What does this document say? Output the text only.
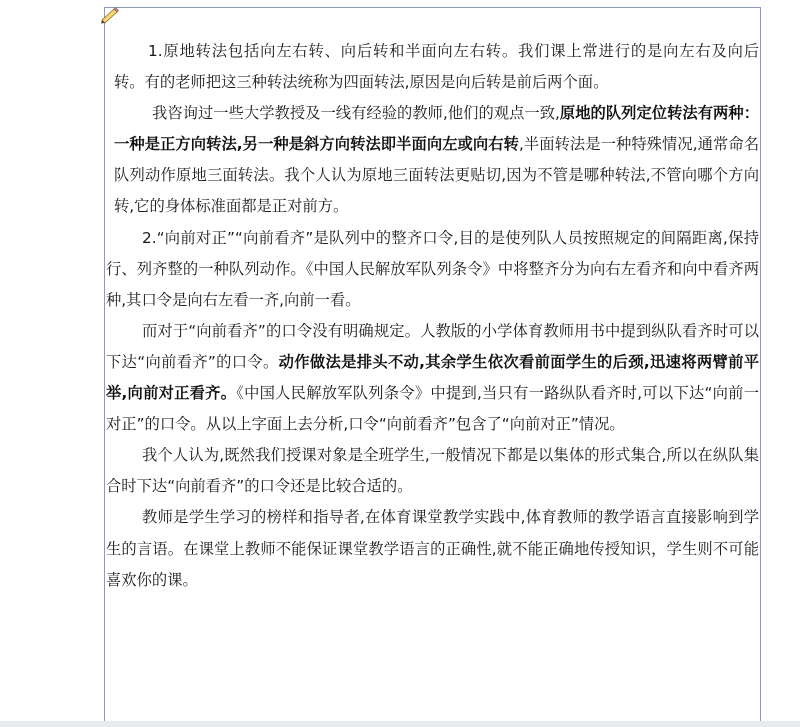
1.原地转法包括向左右转、向后转和半面向左右转。我们课上常进行的是向左右及向后转。有的老师把这三种转法统称为四面转法,原因是向后转是前后两个面。

我咨询过一些大学教授及一线有经验的教师,他们的观点一致,原地的队列定位转法有两种：一种是正方向转法,另一种是斜方向转法即半面向左或向右转,半面转法是一种特殊情况,通常命名队列动作原地三面转法。我个人认为原地三面转法更贴切,因为不管是哪种转法,不管向哪个方向转,它的身体标准面都是正对前方。

2.“向前对正”“向前看齐”是队列中的整齐口令,目的是使列队人员按照规定的间隔距离,保持行、列齐整的一种队列动作。《中国人民解放军队列条令》中将整齐分为向右左看齐和向中看齐两种,其口令是向右左看一齐,向前一看。

而对于“向前看齐”的口令没有明确规定。人教版的小学体育教师用书中提到纵队看齐时可以下达“向前看齐”的口令。动作做法是排头不动,其余学生依次看前面学生的后颈,迅速将两臂前平举,向前对正看齐。《中国人民解放军队列条令》中提到,当只有一路纵队看齐时,可以下达“向前一对正”的口令。从以上字面上去分析,口令“向前看齐”包含了“向前对正”情况。

我个人认为,既然我们授课对象是全班学生,一般情况下都是以集体的形式集合,所以在纵队集合时下达“向前看齐”的口令还是比较合适的。

教师是学生学习的榜样和指导者,在体育课堂教学实践中,体育教师的教学语言直接影响到学生的言语。在课堂上教师不能保证课堂教学语言的正确性,就不能正确地传授知识，学生则不可能喜欢你的课。
